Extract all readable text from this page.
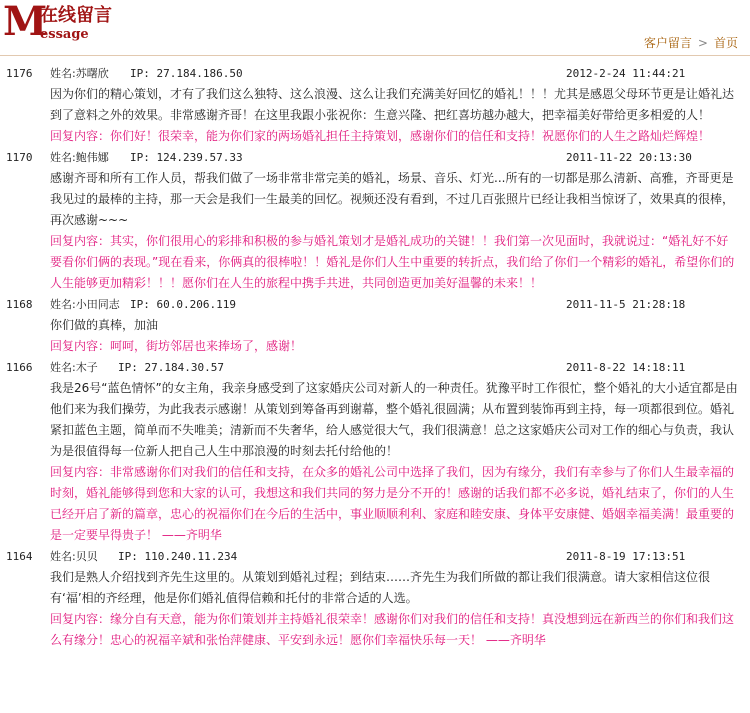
M
在线留言
essage
客户留言 > 首页
1176 姓名:苏曙欣 IP: 27.184.186.50	2012-2-24 11:44:21
因为你们的精心策划，才有了我们这么独特、这么浪漫、这么让我们充满美好回忆的婚礼！！！尤其是感恩父母环节更是让婚礼达到了意料之外的效果。非常感谢齐哥！在这里我跟小张祝你：生意兴隆、把红喜坊越办越大，把幸福美好带给更多相爱的人！
回复内容：你们好！很荣幸，能为你们家的两场婚礼担任主持策划，感谢你们的信任和支持！祝愿你们的人生之路灿烂辉煌！
1170 姓名:鲍伟娜 IP: 124.239.57.33	2011-11-22 20:13:30
感谢齐哥和所有工作人员，帮我们做了一场非常非常完美的婚礼，场景、音乐、灯光...所有的一切都是那么清新、高雅，齐哥更是我见过的最棒的主持，那一天会是我们一生最美的回忆。视频还没有看到，不过几百张照片已经让我相当惊讶了，效果真的很棒，再次感谢~~~
回复内容：其实，你们很用心的彩排和积极的参与婚礼策划才是婚礼成功的关键！！我们第一次见面时，我就说过：“婚礼好不好要看你们俩的表现。”现在看来，你俩真的很棒啦！！婚礼是你们人生中重要的转折点，我们给了你们一个精彩的婚礼，希望你们的人生能够更加精彩！！！愿你们在人生的旅程中携手共进，共同创造更加美好温馨的未来！！
1168 姓名:小田同志 IP: 60.0.206.119	2011-11-5 21:28:18
你们做的真棒，加油
回复内容：呵呵，街坊邻居也来捧场了，感谢！
1166 姓名:木子 IP: 27.184.30.57	2011-8-22 14:18:11
我是26号“蓝色情怀”的女主角，我亲身感受到了这家婚庆公司对新人的一种责任。犹豫平时工作很忙，整个婚礼的大小适宜都是由他们来为我们操劳，为此我表示感谢！从策划到筹备再到谢幕，整个婚礼很圆满；从布置到装饰再到主持，每一项都很到位。婚礼紧扣蓝色主题，简单而不失唯美；清新而不失奢华，给人感觉很大气，我们很满意！总之这家婚庆公司对工作的细心与负责，我认为是很值得每一位新人把自己人生中那浪漫的时刻去托付给他的！
回复内容：非常感谢你们对我们的信任和支持，在众多的婚礼公司中选择了我们，因为有缘分，我们有幸参与了你们人生最幸福的时刻，婚礼能够得到您和大家的认可，我想这和我们共同的努力是分不开的！感谢的话我们都不必多说，婚礼结束了，你们的人生已经开启了新的篇章，忠心的祝福你们在今后的生活中，事业顺顺利利、家庭和睦安康、身体平安康健、婚姻幸福美满！最重要的是一定要早得贵子！ ——齐明华
1164 姓名:贝贝 IP: 110.240.11.234	2011-8-19 17:13:51
我们是熟人介绍找到齐先生这里的。从策划到婚礼过程；到结束……齐先生为我们所做的都让我们很满意。请大家相信这位很有‘福’相的齐经理，他是你们婚礼值得信赖和托付的非常合适的人选。
回复内容：缘分自有天意，能为你们策划并主持婚礼很荣幸！感谢你们对我们的信任和支持！真没想到远在新西兰的你们和我们这么有缘分！忠心的祝福辛斌和张怡萍健康、平安到永远！愿你们幸福快乐每一天！ ——齐明华
